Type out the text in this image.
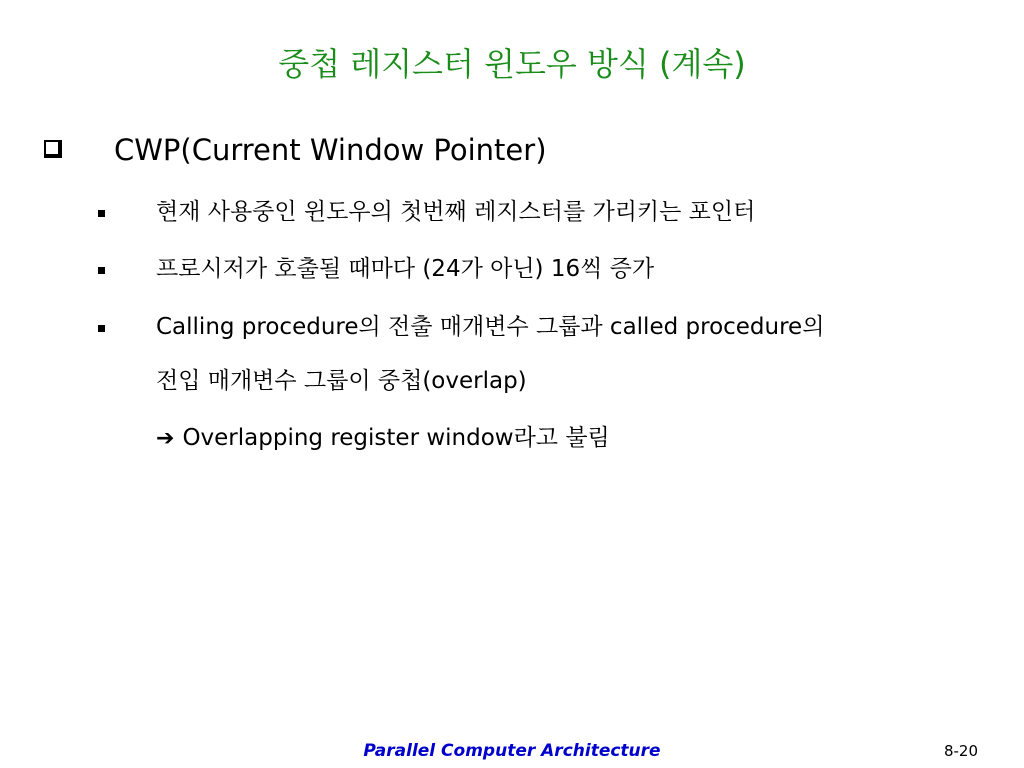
중첩 레지스터 윈도우 방식 (계속)
CWP(Current Window Pointer)
현재 사용중인 윈도우의 첫번째 레지스터를 가리키는 포인터
프로시저가 호출될 때마다 (24가 아닌) 16씩 증가
Calling procedure의 전출 매개변수 그룹과 called procedure의
전입 매개변수 그룹이 중첩(overlap)
➔ Overlapping register window라고 불림
Parallel Computer Architecture	8-20
